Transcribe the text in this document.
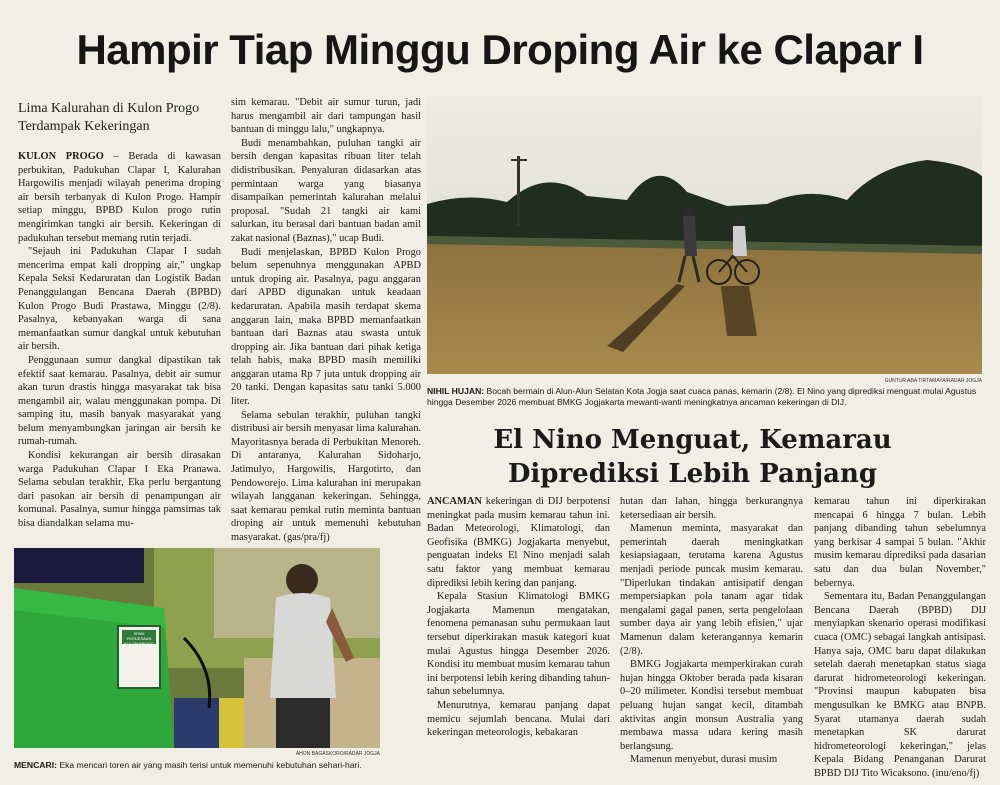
Hampir Tiap Minggu Droping Air ke Clapar I
Lima Kalurahan di Kulon Progo Terdampak Kekeringan

KULON PROGO – Berada di kawasan perbukitan, Padukuhan Clapar I, Kalurahan Hargowilis menjadi wilayah penerima droping air bersih terbanyak di Kulon Progo. Hampir setiap minggu, BPBD Kulon progo rutin mengirimkan tangki air bersih. Kekeringan di padukuhan tersebut memang rutin terjadi.

"Sejauh ini Padukuhan Clapar I sudah mencerima empat kali dropping air," ungkap Kepala Seksi Kedaruratan dan Logistik Badan Penanggulangan Bencana Daerah (BPBD) Kulon Progo Budi Prastawa, Minggu (2/8). Pasalnya, kebanyakan warga di sana memanfaatkan sumur dangkal untuk kebutuhan air bersih.

Penggunaan sumur dangkal dipastikan tak efektif saat kemarau. Pasalnya, debit air sumur akan turun drastis hingga masyarakat tak bisa mengambil air, walau menggunakan pompa. Di samping itu, masih banyak masyarakat yang belum menyambungkan jaringan air bersih ke rumah-rumah.

Kondisi kekurangan air bersih dirasakan warga Padukuhan Clapar I Eka Pranawa. Selama sebulan terakhir, Eka perlu bergantung dari pasokan air bersih di penampungan air komunal. Pasalnya, sumur hingga pamsimas tak bisa diandalkan selama mu-

sim kemarau. "Debit air sumur turun, jadi harus mengambil air dari tampungan hasil bantuan di minggu lalu," ungkapnya.

Budi menambahkan, puluhan tangki air bersih dengan kapasitas ribuan liter telah didistribusikan. Penyaluran didasarkan atas permintaan warga yang biasanya disampaikan pemerintah kalurahan melalui proposal. "Sudah 21 tangki air kami salurkan, itu berasal dari bantuan badan amil zakat nasional (Baznas)," ucap Budi.

Budi menjelaskan, BPBD Kulon Progo belum sepenuhnya menggunakan APBD untuk droping air. Pasalnya, pagu anggaran dari APBD digunakan untuk keadaan kedaruratan. Apabila masih terdapat skema anggaran lain, maka BPBD memanfaatkan bantuan dari Baznas atau swasta untuk dropping air. Jika bantuan dari pihak ketiga telah habis, maka BPBD masih memiliki anggaran utama Rp 7 juta untuk dropping air 20 tanki. Dengan kapasitas satu tanki 5.000 liter.

Selama sebulan terakhir, puluhan tangki distribusi air bersih menyasar lima kalurahan. Mayoritasnya berada di Perbukitan Menoreh. Di antaranya, Kalurahan Sidoharjo, Jatimulyo, Hargowilis, Hargotirto, dan Pendoworejo. Lima kalurahan ini merupakan wilayah langganan kekeringan. Sehingga, saat kemarau pemkal rutin meminta bantuan droping air untuk memenuhi kebutuhan masyarakat. (gas/pra/fj)

SPAM PERDESAAN
KULON PROGO
AHON BAGASKORO/RADAR JOGJA
MENCARI: Eka mencari toren air yang masih terisi untuk memenuhi kebutuhan sehari-hari.
GUNTUR ABA TIRTAMAYA/RADAR JOGJA
NIHIL HUJAN: Bocah bermain di Alun-Alun Selatan Kota Jogja saat cuaca panas, kemarin (2/8). El Nino yang diprediksi menguat mulai Agustus hingga Desember 2026 membuat BMKG Jogjakarta mewanti-wanti meningkatnya ancaman kekeringan di DIJ.
El Nino Menguat, Kemarau
Diprediksi Lebih Panjang

ANCAMAN kekeringan di DIJ berpotensi meningkat pada musim kemarau tahun ini. Badan Meteorologi, Klimatologi, dan Geofisika (BMKG) Jogjakarta menyebut, penguatan indeks El Nino menjadi salah satu faktor yang membuat kemarau diprediksi lebih kering dan panjang.

Kepala Stasiun Klimatologi BMKG Jogjakarta Mamenun mengatakan, fenomena pemanasan suhu permukaan laut tersebut diperkirakan masuk kategori kuat mulai Agustus hingga Desember 2026. Kondisi itu membuat musim kemarau tahun ini berpotensi lebih kering dibanding tahun-tahun sebelumnya.

Menurutnya, kemarau panjang dapat memicu sejumlah bencana. Mulai dari kekeringan meteorologis, kebakaran

hutan dan lahan, hingga berkurangnya ketersediaan air bersih.

Mamenun meminta, masyarakat dan pemerintah daerah meningkatkan kesiapsiagaan, terutama karena Agustus menjadi periode puncak musim kemarau. "Diperlukan tindakan antisipatif dengan mempersiapkan pola tanam agar tidak mengalami gagal panen, serta pengelolaan sumber daya air yang lebih efisien," ujar Mamenun dalam keterangannya kemarin (2/8).

BMKG Jogjakarta memperkirakan curah hujan hingga Oktober berada pada kisaran 0–20 milimeter. Kondisi tersebut membuat peluang hujan sangat kecil, ditambah aktivitas angin monsun Australia yang membawa massa udara kering masih berlangsung.

Mamenun menyebut, durasi musim

kemarau tahun ini diperkirakan mencapai 6 hingga 7 bulan. Lebih panjang dibanding tahun sebelumnya yang berkisar 4 sampai 5 bulan. "Akhir musim kemarau diprediksi pada dasarian satu dan dua bulan November," bebernya.

Sementara itu, Badan Penanggulangan Bencana Daerah (BPBD) DIJ menyiapkan skenario operasi modifikasi cuaca (OMC) sebagai langkah antisipasi. Hanya saja, OMC baru dapat dilakukan setelah daerah menetapkan status siaga darurat hidrometeorologi kekeringan. "Provinsi maupun kabupaten bisa mengusulkan ke BMKG atau BNPB. Syarat utamanya daerah sudah menetapkan SK darurat hidrometeorologi kekeringan," jelas Kepala Bidang Penanganan Darurat BPBD DIJ Tito Wicaksono. (inu/eno/fj)
